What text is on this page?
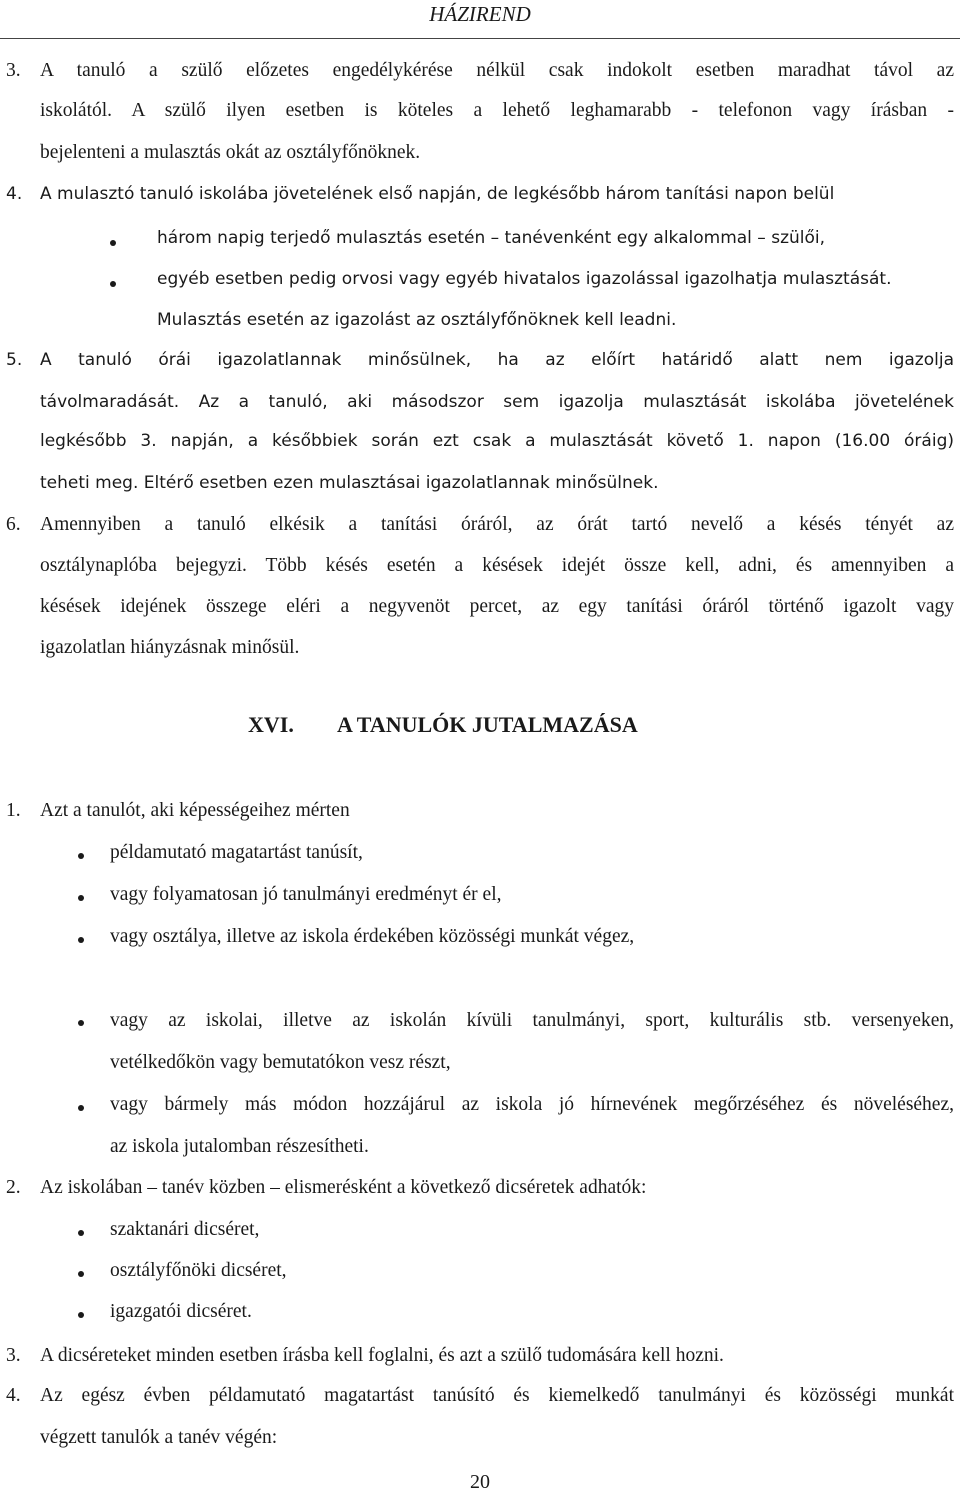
HÁZIREND
3. A tanuló a szülő előzetes engedélykérése nélkül csak indokolt esetben maradhat távol az
iskolától. A szülő ilyen esetben is köteles a lehető leghamarabb - telefonon vagy írásban -
bejelenteni a mulasztás okát az osztályfőnöknek.
4. A mulasztó tanuló iskolába jövetelének első napján, de legkésőbb három tanítási napon belül
három napig terjedő mulasztás esetén – tanévenként egy alkalommal – szülői,
egyéb esetben pedig orvosi vagy egyéb hivatalos igazolással igazolhatja mulasztását.
Mulasztás esetén az igazolást az osztályfőnöknek kell leadni.
5. A tanuló órái igazolatlannak minősülnek, ha az előírt határidő alatt nem igazolja
távolmaradását. Az a tanuló, aki másodszor sem igazolja mulasztását iskolába jövetelének
legkésőbb 3. napján, a későbbiek során ezt csak a mulasztását követő 1. napon (16.00 óráig)
teheti meg. Eltérő esetben ezen mulasztásai igazolatlannak minősülnek.
6. Amennyiben a tanuló elkésik a tanítási óráról, az órát tartó nevelő a késés tényét az
osztálynaplóba bejegyzi. Több késés esetén a késések idejét össze kell, adni, és amennyiben a
késések idejének összege eléri a negyvenöt percet, az egy tanítási óráról történő igazolt vagy
igazolatlan hiányzásnak minősül.
XVI. A TANULÓK JUTALMAZÁSA
1. Azt a tanulót, aki képességeihez mérten
példamutató magatartást tanúsít,
vagy folyamatosan jó tanulmányi eredményt ér el,
vagy osztálya, illetve az iskola érdekében közösségi munkát végez,
vagy az iskolai, illetve az iskolán kívüli tanulmányi, sport, kulturális stb. versenyeken,
vetélkedőkön vagy bemutatókon vesz részt,
vagy bármely más módon hozzájárul az iskola jó hírnevének megőrzéséhez és növeléséhez,
az iskola jutalomban részesítheti.
2. Az iskolában – tanév közben – elismerésként a következő dicséretek adhatók:
szaktanári dicséret,
osztályfőnöki dicséret,
igazgatói dicséret.
3. A dicséreteket minden esetben írásba kell foglalni, és azt a szülő tudomására kell hozni.
4. Az egész évben példamutató magatartást tanúsító és kiemelkedő tanulmányi és közösségi munkát
végzett tanulók a tanév végén:
20
